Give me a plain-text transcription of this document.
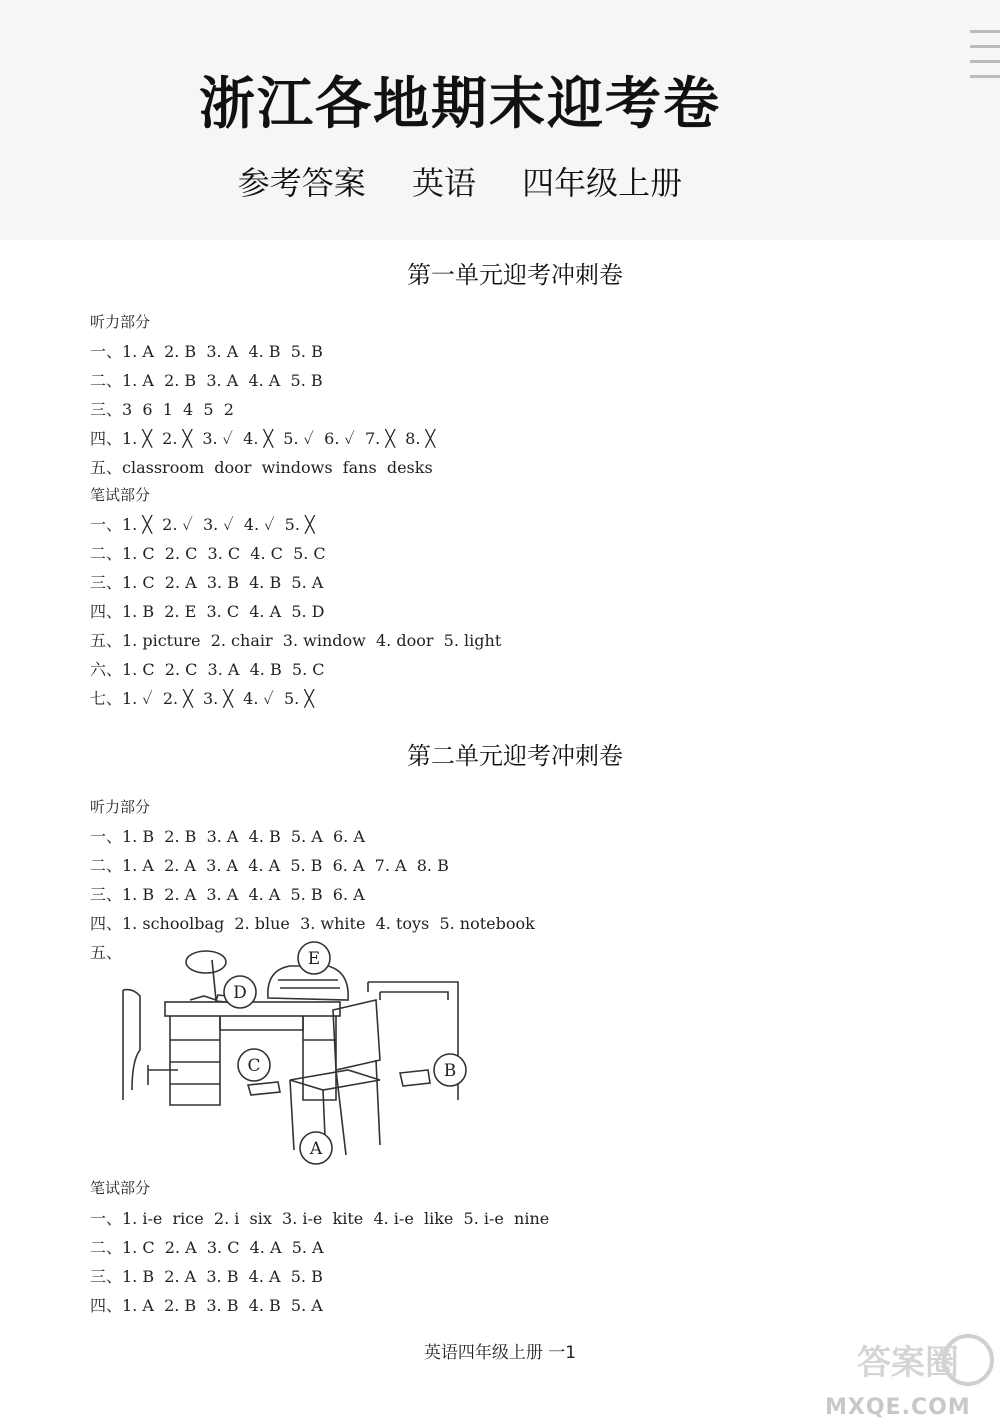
浙江各地期末迎考卷
参考答案 英语 四年级上册
第一单元迎考冲刺卷
听力部分
一、1. A  2. B  3. A  4. B  5. B
二、1. A  2. B  3. A  4. A  5. B
三、3  6  1  4  5  2
四、1. ╳  2. ╳  3. ✓  4. ╳  5. ✓  6. ✓  7. ╳  8. ╳
五、classroom  door  windows  fans  desks
笔试部分
一、1. ╳  2. ✓  3. ✓  4. ✓  5. ╳
二、1. C  2. C  3. C  4. C  5. C
三、1. C  2. A  3. B  4. B  5. A
四、1. B  2. E  3. C  4. A  5. D
五、1. picture  2. chair  3. window  4. door  5. light
六、1. C  2. C  3. A  4. B  5. C
七、1. ✓  2. ╳  3. ╳  4. ✓  5. ╳
第二单元迎考冲刺卷
听力部分
一、1. B  2. B  3. A  4. B  5. A  6. A
二、1. A  2. A  3. A  4. A  5. B  6. A  7. A  8. B
三、1. B  2. A  3. A  4. A  5. B  6. A
四、1. schoolbag  2. blue  3. white  4. toys  5. notebook
五、
A
B
C
D
E
笔试部分
一、1. i-e  rice  2. i  six  3. i-e  kite  4. i-e  like  5. i-e  nine
二、1. C  2. A  3. C  4. A  5. A
三、1. B  2. A  3. B  4. A  5. B
四、1. A  2. B  3. B  4. B  5. A
英语四年级上册 一1	答案圈
MXQE.COM
